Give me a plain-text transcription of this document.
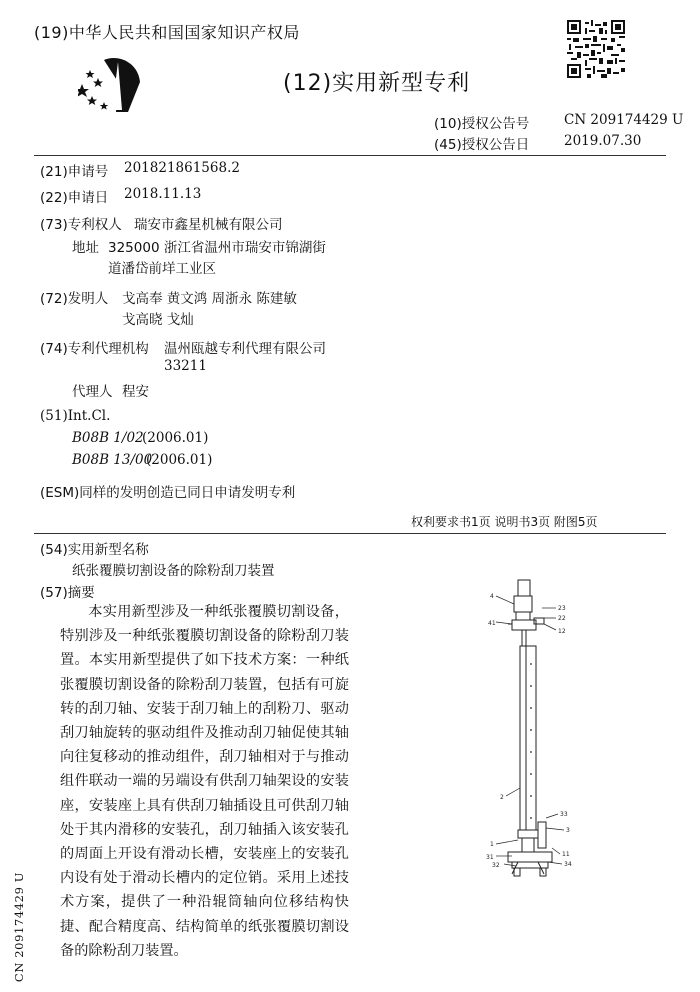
(19)中华人民共和国国家知识产权局
(12)实用新型专利
(10)授权公告号	CN 209174429 U
(45)授权公告日	2019.07.30
(21)申请号 201821861568.2
(22)申请日 2018.11.13
(73)专利权人 瑞安市鑫星机械有限公司
地址 325000 浙江省温州市瑞安市锦湖街
道潘岱前垟工业区
(72)发明人 戈高奉 黄文鸿 周浙永 陈建敏
戈高晓 戈灿
(74)专利代理机构 温州瓯越专利代理有限公司
33211
代理人 程安
(51)Int.Cl.
B08B 1/02
(2006.01)
B08B 13/00
(2006.01)
(ESM)同样的发明创造已同日申请发明专利
权利要求书1页 说明书3页 附图5页
(54)实用新型名称
纸张覆膜切割设备的除粉刮刀装置
(57)摘要
本实用新型涉及一种纸张覆膜切割设备，特别涉及一种纸张覆膜切割设备的除粉刮刀装置。本实用新型提供了如下技术方案：一种纸张覆膜切割设备的除粉刮刀装置，包括有可旋转的刮刀轴、安装于刮刀轴上的刮粉刀、驱动刮刀轴旋转的驱动组件及推动刮刀轴促使其轴向往复移动的推动组件，刮刀轴相对于与推动组件联动一端的另端设有供刮刀轴架设的安装座，安装座上具有供刮刀轴插设且可供刮刀轴处于其内滑移的安装孔，刮刀轴插入该安装孔的周面上开设有滑动长槽，安装座上的安装孔内设有处于滑动长槽内的定位销。采用上述技术方案，提供了一种沿辊筒轴向位移结构快捷、配合精度高、结构简单的纸张覆膜切割设备的除粉刮刀装置。
CN 209174429 U
4
41
23
22
12
2
33
3
1
31
32
11
34
